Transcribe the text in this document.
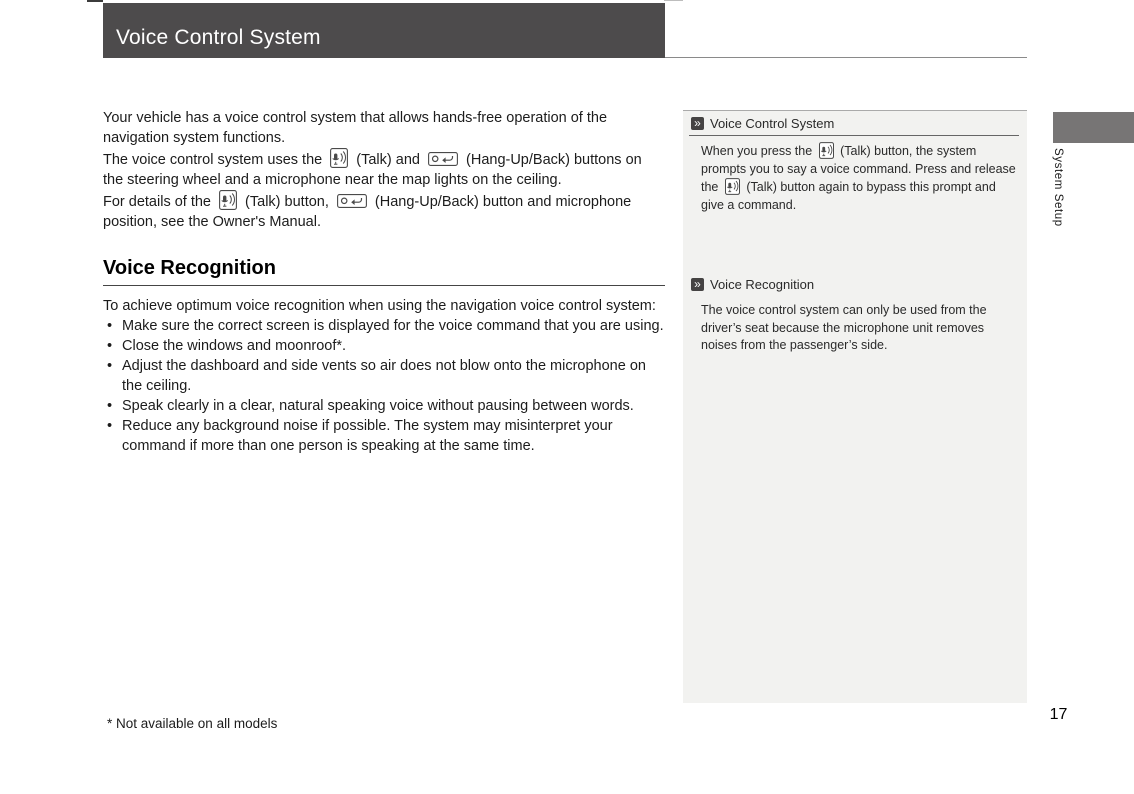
Voice Control System

Your vehicle has a voice control system that allows hands-free operation of the navigation system functions.

The voice control system uses the  (Talk) and	(Hang-Up/Back) buttons on the steering wheel and a microphone near the map lights on the ceiling.

For details of the  (Talk) button,	(Hang-Up/Back) button and microphone position, see the Owner's Manual.

Voice Recognition

To achieve optimum voice recognition when using the navigation voice control system:

• Make sure the correct screen is displayed for the voice command that you are using.
• Close the windows and moonroof*.
• Adjust the dashboard and side vents so air does not blow onto the microphone on the ceiling.
• Speak clearly in a clear, natural speaking voice without pausing between words.
• Reduce any background noise if possible. The system may misinterpret your command if more than one person is speaking at the same time.
» Voice Control System

When you press the  (Talk) button, the system prompts you to say a voice command. Press and release the  (Talk) button again to bypass this prompt and give a command.

» Voice Recognition

The voice control system can only be used from the driver’s seat because the microphone unit removes noises from the passenger’s side.

System Setup
* Not available on all models
17
